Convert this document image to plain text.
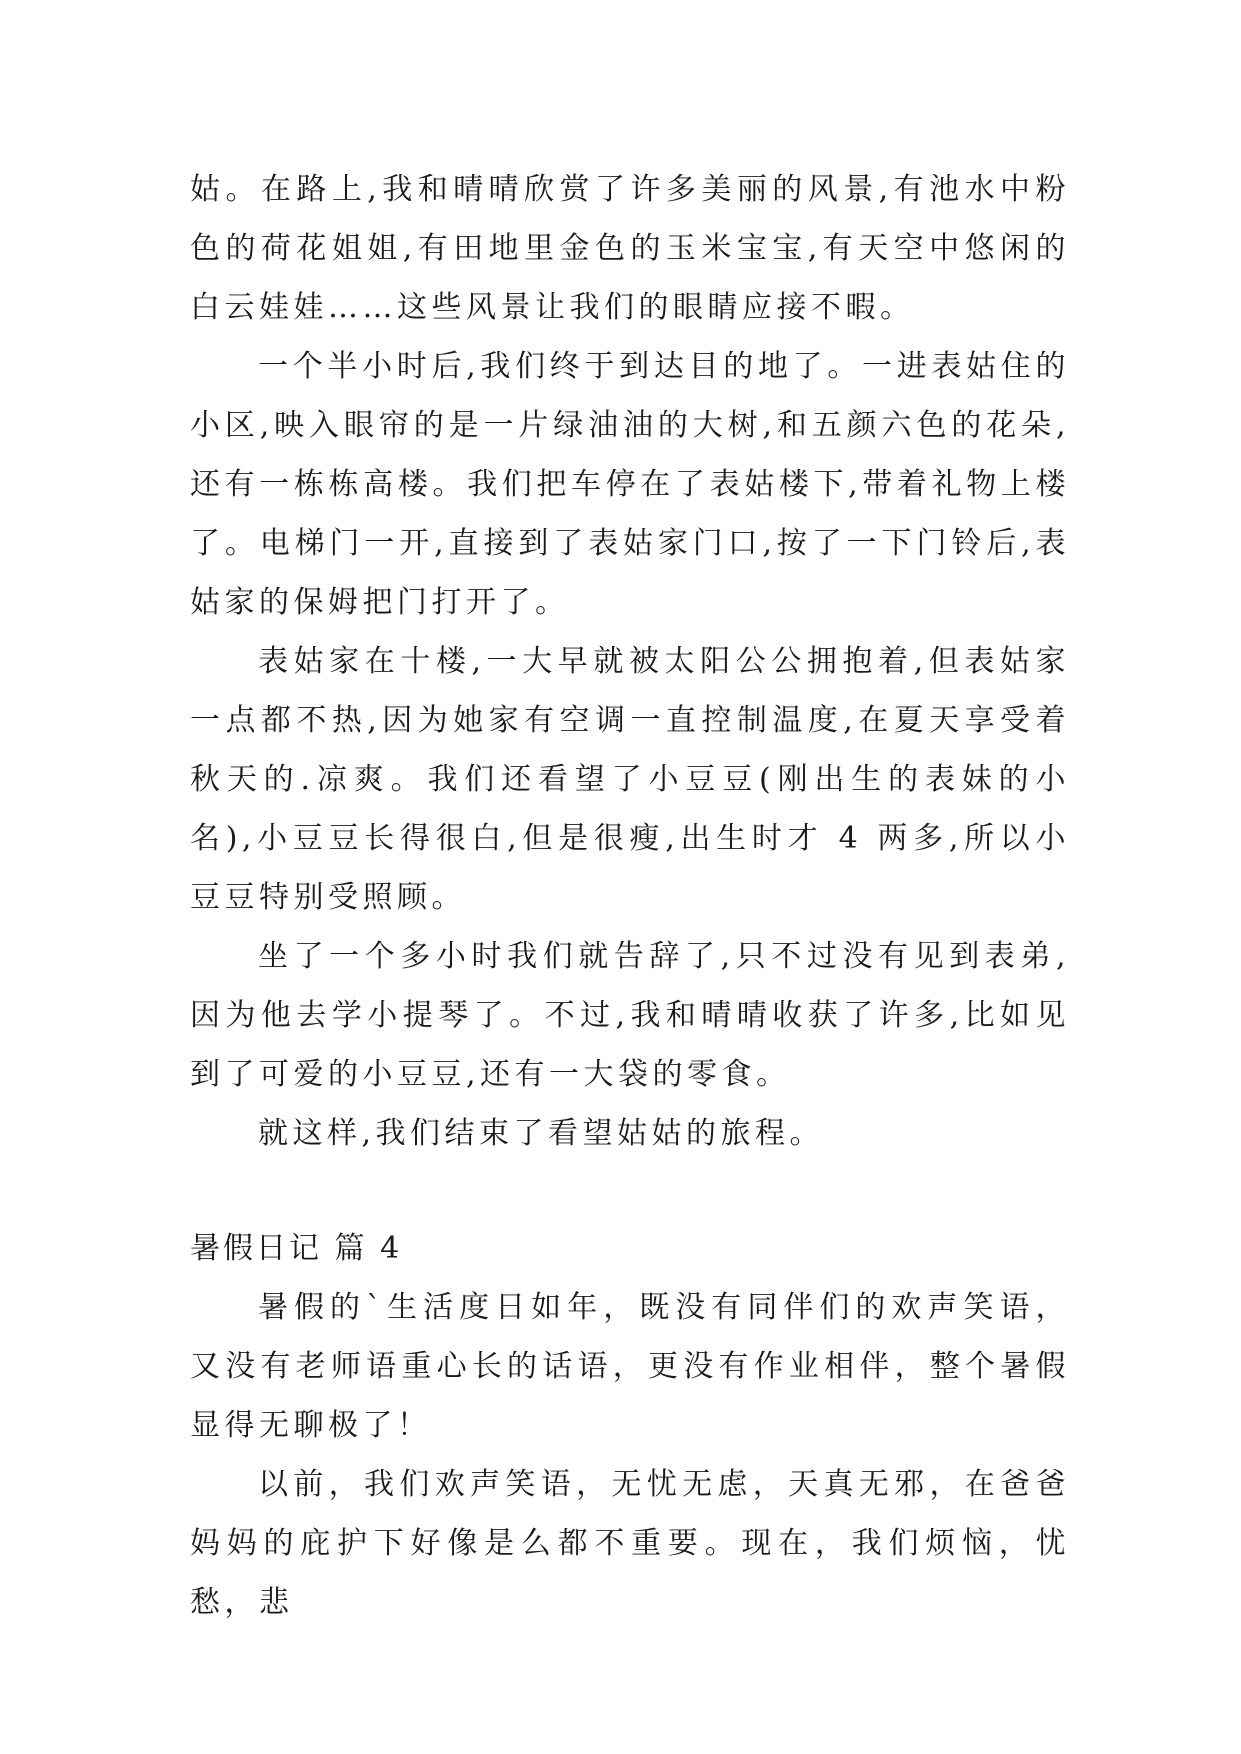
姑。在路上,我和晴晴欣赏了许多美丽的风景,有池水中粉色的荷花姐姐,有田地里金色的玉米宝宝,有天空中悠闲的白云娃娃……这些风景让我们的眼睛应接不暇。

一个半小时后,我们终于到达目的地了。一进表姑住的小区,映入眼帘的是一片绿油油的大树,和五颜六色的花朵,还有一栋栋高楼。我们把车停在了表姑楼下,带着礼物上楼了。电梯门一开,直接到了表姑家门口,按了一下门铃后,表姑家的保姆把门打开了。

表姑家在十楼,一大早就被太阳公公拥抱着,但表姑家一点都不热,因为她家有空调一直控制温度,在夏天享受着秋天的.凉爽。我们还看望了小豆豆(刚出生的表妹的小名),小豆豆长得很白,但是很瘦,出生时才 4 两多,所以小豆豆特别受照顾。

坐了一个多小时我们就告辞了,只不过没有见到表弟,因为他去学小提琴了。不过,我和晴晴收获了许多,比如见到了可爱的小豆豆,还有一大袋的零食。

就这样,我们结束了看望姑姑的旅程。

暑假日记 篇 4

暑假的`生活度日如年，既没有同伴们的欢声笑语，又没有老师语重心长的话语，更没有作业相伴，整个暑假显得无聊极了！

以前，我们欢声笑语，无忧无虑，天真无邪，在爸爸妈妈的庇护下好像是么都不重要。现在，我们烦恼，忧愁，悲
